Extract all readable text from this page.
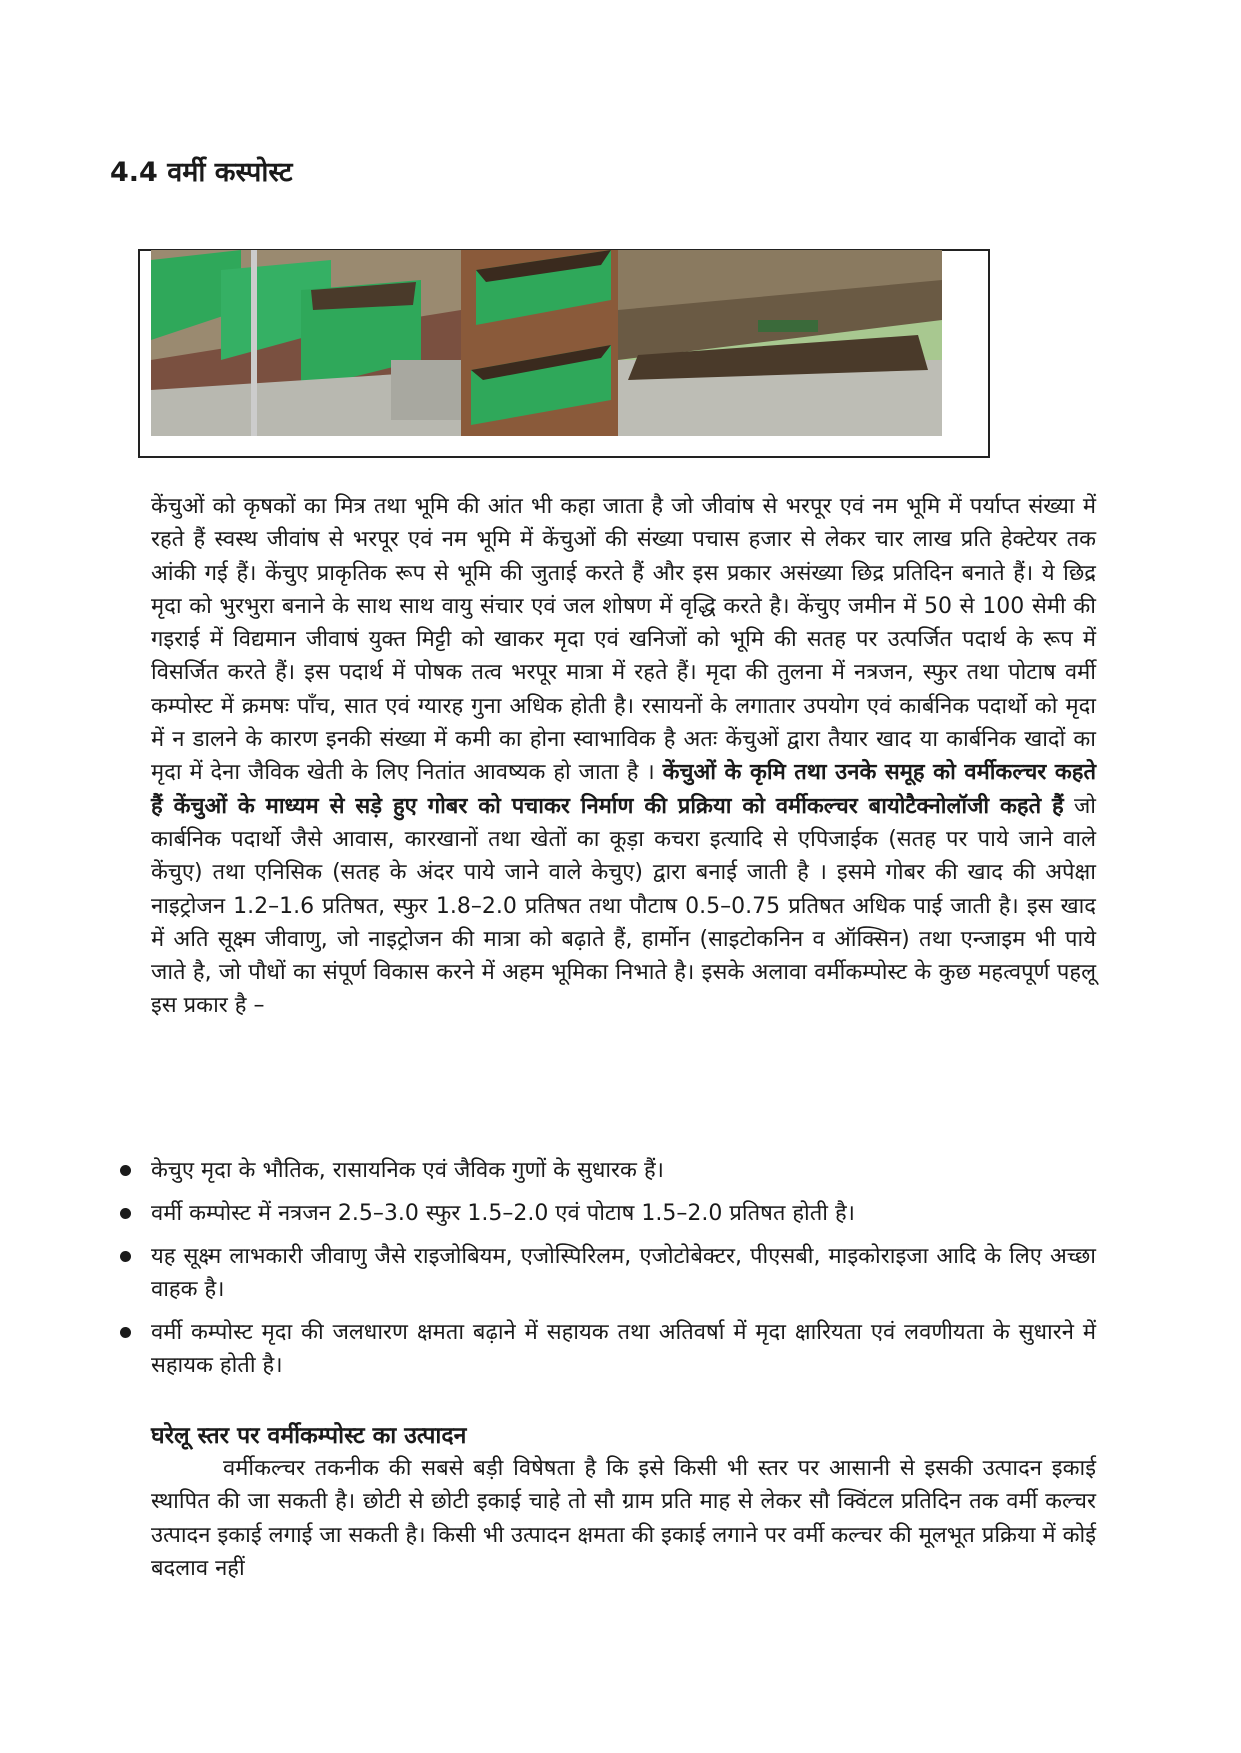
4.4 वर्मी कस्पोस्ट

केंचुओं को कृषकों का मित्र तथा भूमि की आंत भी कहा जाता है जो जीवांष से भरपूर एवं नम भूमि में पर्याप्त संख्या में रहते हैं स्वस्थ जीवांष से भरपूर एवं नम भूमि में केंचुओं की संख्या पचास हजार से लेकर चार लाख प्रति हेक्टेयर तक आंकी गई हैं। केंचुए प्राकृतिक रूप से भूमि की जुताई करते हैं और इस प्रकार असंख्या छिद्र प्रतिदिन बनाते हैं। ये छिद्र मृदा को भुरभुरा बनाने के साथ साथ वायु संचार एवं जल शोषण में वृद्धि करते है। केंचुए जमीन में 50 से 100 सेमी की गइराई में विद्यमान जीवाषं युक्त मिट्टी को खाकर मृदा एवं खनिजों को भूमि की सतह पर उत्पर्जित पदार्थ के रूप में विसर्जित करते हैं। इस पदार्थ में पोषक तत्व भरपूर मात्रा में रहते हैं। मृदा की तुलना में नत्रजन, स्फुर तथा पोटाष वर्मी कम्पोस्ट में क्रमषः पाँच, सात एवं ग्यारह गुना अधिक होती है। रसायनों के लगातार उपयोग एवं कार्बनिक पदार्थो को मृदा में न डालने के कारण इनकी संख्या में कमी का होना स्वाभाविक है अतः केंचुओं द्वारा तैयार खाद या कार्बनिक खादों का मृदा में देना जैविक खेती के लिए नितांत आवष्यक हो जाता है । केंचुओं के कृमि तथा उनके समूह को वर्मीकल्चर कहते हैं केंचुओं के माध्यम से सड़े हुए गोबर को पचाकर निर्माण की प्रक्रिया को वर्मीकल्चर बायोटैक्नोलॉजी कहते हैं जो कार्बनिक पदार्थो जैसे आवास, कारखानों तथा खेतों का कूड़ा कचरा इत्यादि से एपिजाईक (सतह पर पाये जाने वाले केंचुए) तथा एनिसिक (सतह के अंदर पाये जाने वाले केचुए) द्वारा बनाई जाती है । इसमे गोबर की खाद की अपेक्षा नाइट्रोजन 1.2–1.6 प्रतिषत, स्फुर 1.8–2.0 प्रतिषत तथा पौटाष 0.5–0.75 प्रतिषत अधिक पाई जाती है। इस खाद में अति सूक्ष्म जीवाणु, जो नाइट्रोजन की मात्रा को बढ़ाते हैं, हार्मोन (साइटोकनिन व ऑक्सिन) तथा एन्जाइम भी पाये जाते है, जो पौधों का संपूर्ण विकास करने में अहम भूमिका निभाते है। इसके अलावा वर्मीकम्पोस्ट के कुछ महत्वपूर्ण पहलू इस प्रकार है –

केचुए मृदा के भौतिक, रासायनिक एवं जैविक गुणों के सुधारक हैं।
वर्मी कम्पोस्ट में नत्रजन 2.5–3.0 स्फुर 1.5–2.0 एवं पोटाष 1.5–2.0 प्रतिषत होती है।
यह सूक्ष्म लाभकारी जीवाणु जैसे राइजोबियम, एजोस्पिरिलम, एजोटोबेक्टर, पीएसबी, माइकोराइजा आदि के लिए अच्छा वाहक है।
वर्मी कम्पोस्ट मृदा की जलधारण क्षमता बढ़ाने में सहायक तथा अतिवर्षा में मृदा क्षारियता एवं लवणीयता के सुधारने में सहायक होती है।
घरेलू स्तर पर वर्मीकम्पोस्ट का उत्पादन

वर्मीकल्चर तकनीक की सबसे बड़ी विषेषता है कि इसे किसी भी स्तर पर आसानी से इसकी उत्पादन इकाई स्थापित की जा सकती है। छोटी से छोटी इकाई चाहे तो सौ ग्राम प्रति माह से लेकर सौ क्विंटल प्रतिदिन तक वर्मी कल्चर उत्पादन इकाई लगाई जा सकती है। किसी भी उत्पादन क्षमता की इकाई लगाने पर वर्मी कल्चर की मूलभूत प्रक्रिया में कोई बदलाव नहीं
